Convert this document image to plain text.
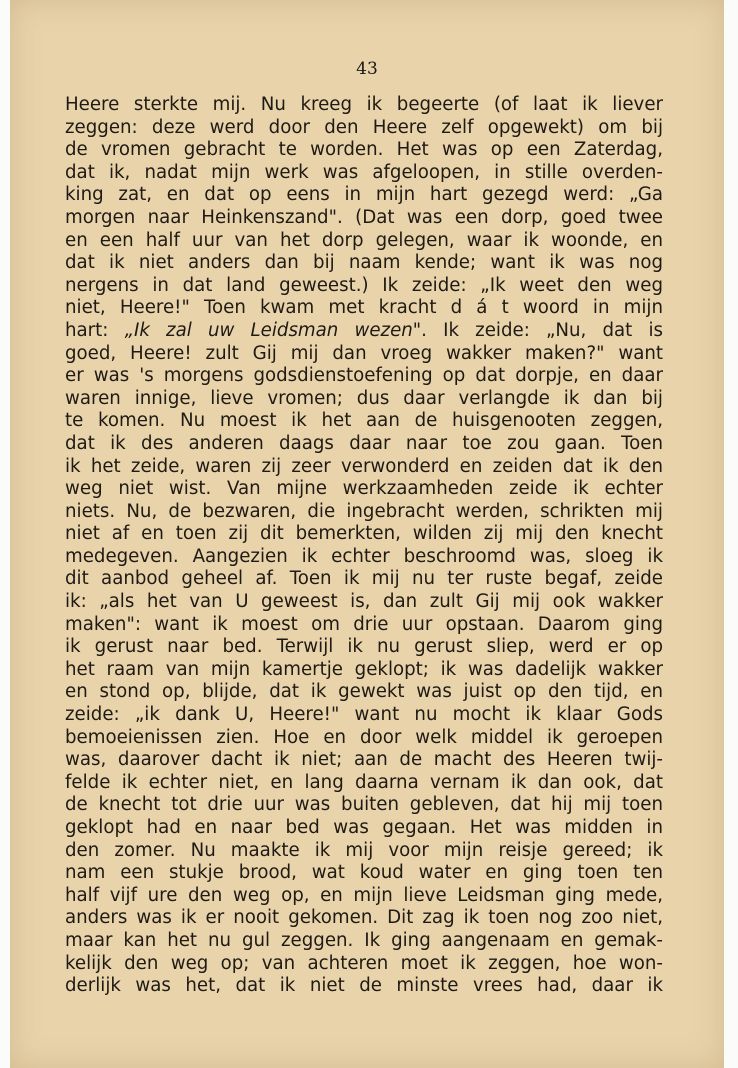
43
Heere sterkte mij. Nu kreeg ik begeerte (of laat ik liever
zeggen: deze werd door den Heere zelf opgewekt) om bij
de vromen gebracht te worden. Het was op een Zaterdag,
dat ik, nadat mijn werk was afgeloopen, in stille overden-
king zat, en dat op eens in mijn hart gezegd werd: „Ga
morgen naar Heinkenszand". (Dat was een dorp, goed twee
en een half uur van het dorp gelegen, waar ik woonde, en
dat ik niet anders dan bij naam kende; want ik was nog
nergens in dat land geweest.) Ik zeide: „Ik weet den weg
niet, Heere!" Toen kwam met kracht d á t woord in mijn
hart: „Ik zal uw Leidsman wezen". Ik zeide: „Nu, dat is
goed, Heere! zult Gij mij dan vroeg wakker maken?" want
er was 's morgens godsdienstoefening op dat dorpje, en daar
waren innige, lieve vromen; dus daar verlangde ik dan bij
te komen. Nu moest ik het aan de huisgenooten zeggen,
dat ik des anderen daags daar naar toe zou gaan. Toen
ik het zeide, waren zij zeer verwonderd en zeiden dat ik den
weg niet wist. Van mijne werkzaamheden zeide ik echter
niets. Nu, de bezwaren, die ingebracht werden, schrikten mij
niet af en toen zij dit bemerkten, wilden zij mij den knecht
medegeven. Aangezien ik echter beschroomd was, sloeg ik
dit aanbod geheel af. Toen ik mij nu ter ruste begaf, zeide
ik: „als het van U geweest is, dan zult Gij mij ook wakker
maken": want ik moest om drie uur opstaan. Daarom ging
ik gerust naar bed. Terwijl ik nu gerust sliep, werd er op
het raam van mijn kamertje geklopt; ik was dadelijk wakker
en stond op, blijde, dat ik gewekt was juist op den tijd, en
zeide: „ik dank U, Heere!" want nu mocht ik klaar Gods
bemoeienissen zien. Hoe en door welk middel ik geroepen
was, daarover dacht ik niet; aan de macht des Heeren twij-
felde ik echter niet, en lang daarna vernam ik dan ook, dat
de knecht tot drie uur was buiten gebleven, dat hij mij toen
geklopt had en naar bed was gegaan. Het was midden in
den zomer. Nu maakte ik mij voor mijn reisje gereed; ik
nam een stukje brood, wat koud water en ging toen ten
half vijf ure den weg op, en mijn lieve Leidsman ging mede,
anders was ik er nooit gekomen. Dit zag ik toen nog zoo niet,
maar kan het nu gul zeggen. Ik ging aangenaam en gemak-
kelijk den weg op; van achteren moet ik zeggen, hoe won-
derlijk was het, dat ik niet de minste vrees had, daar ik
